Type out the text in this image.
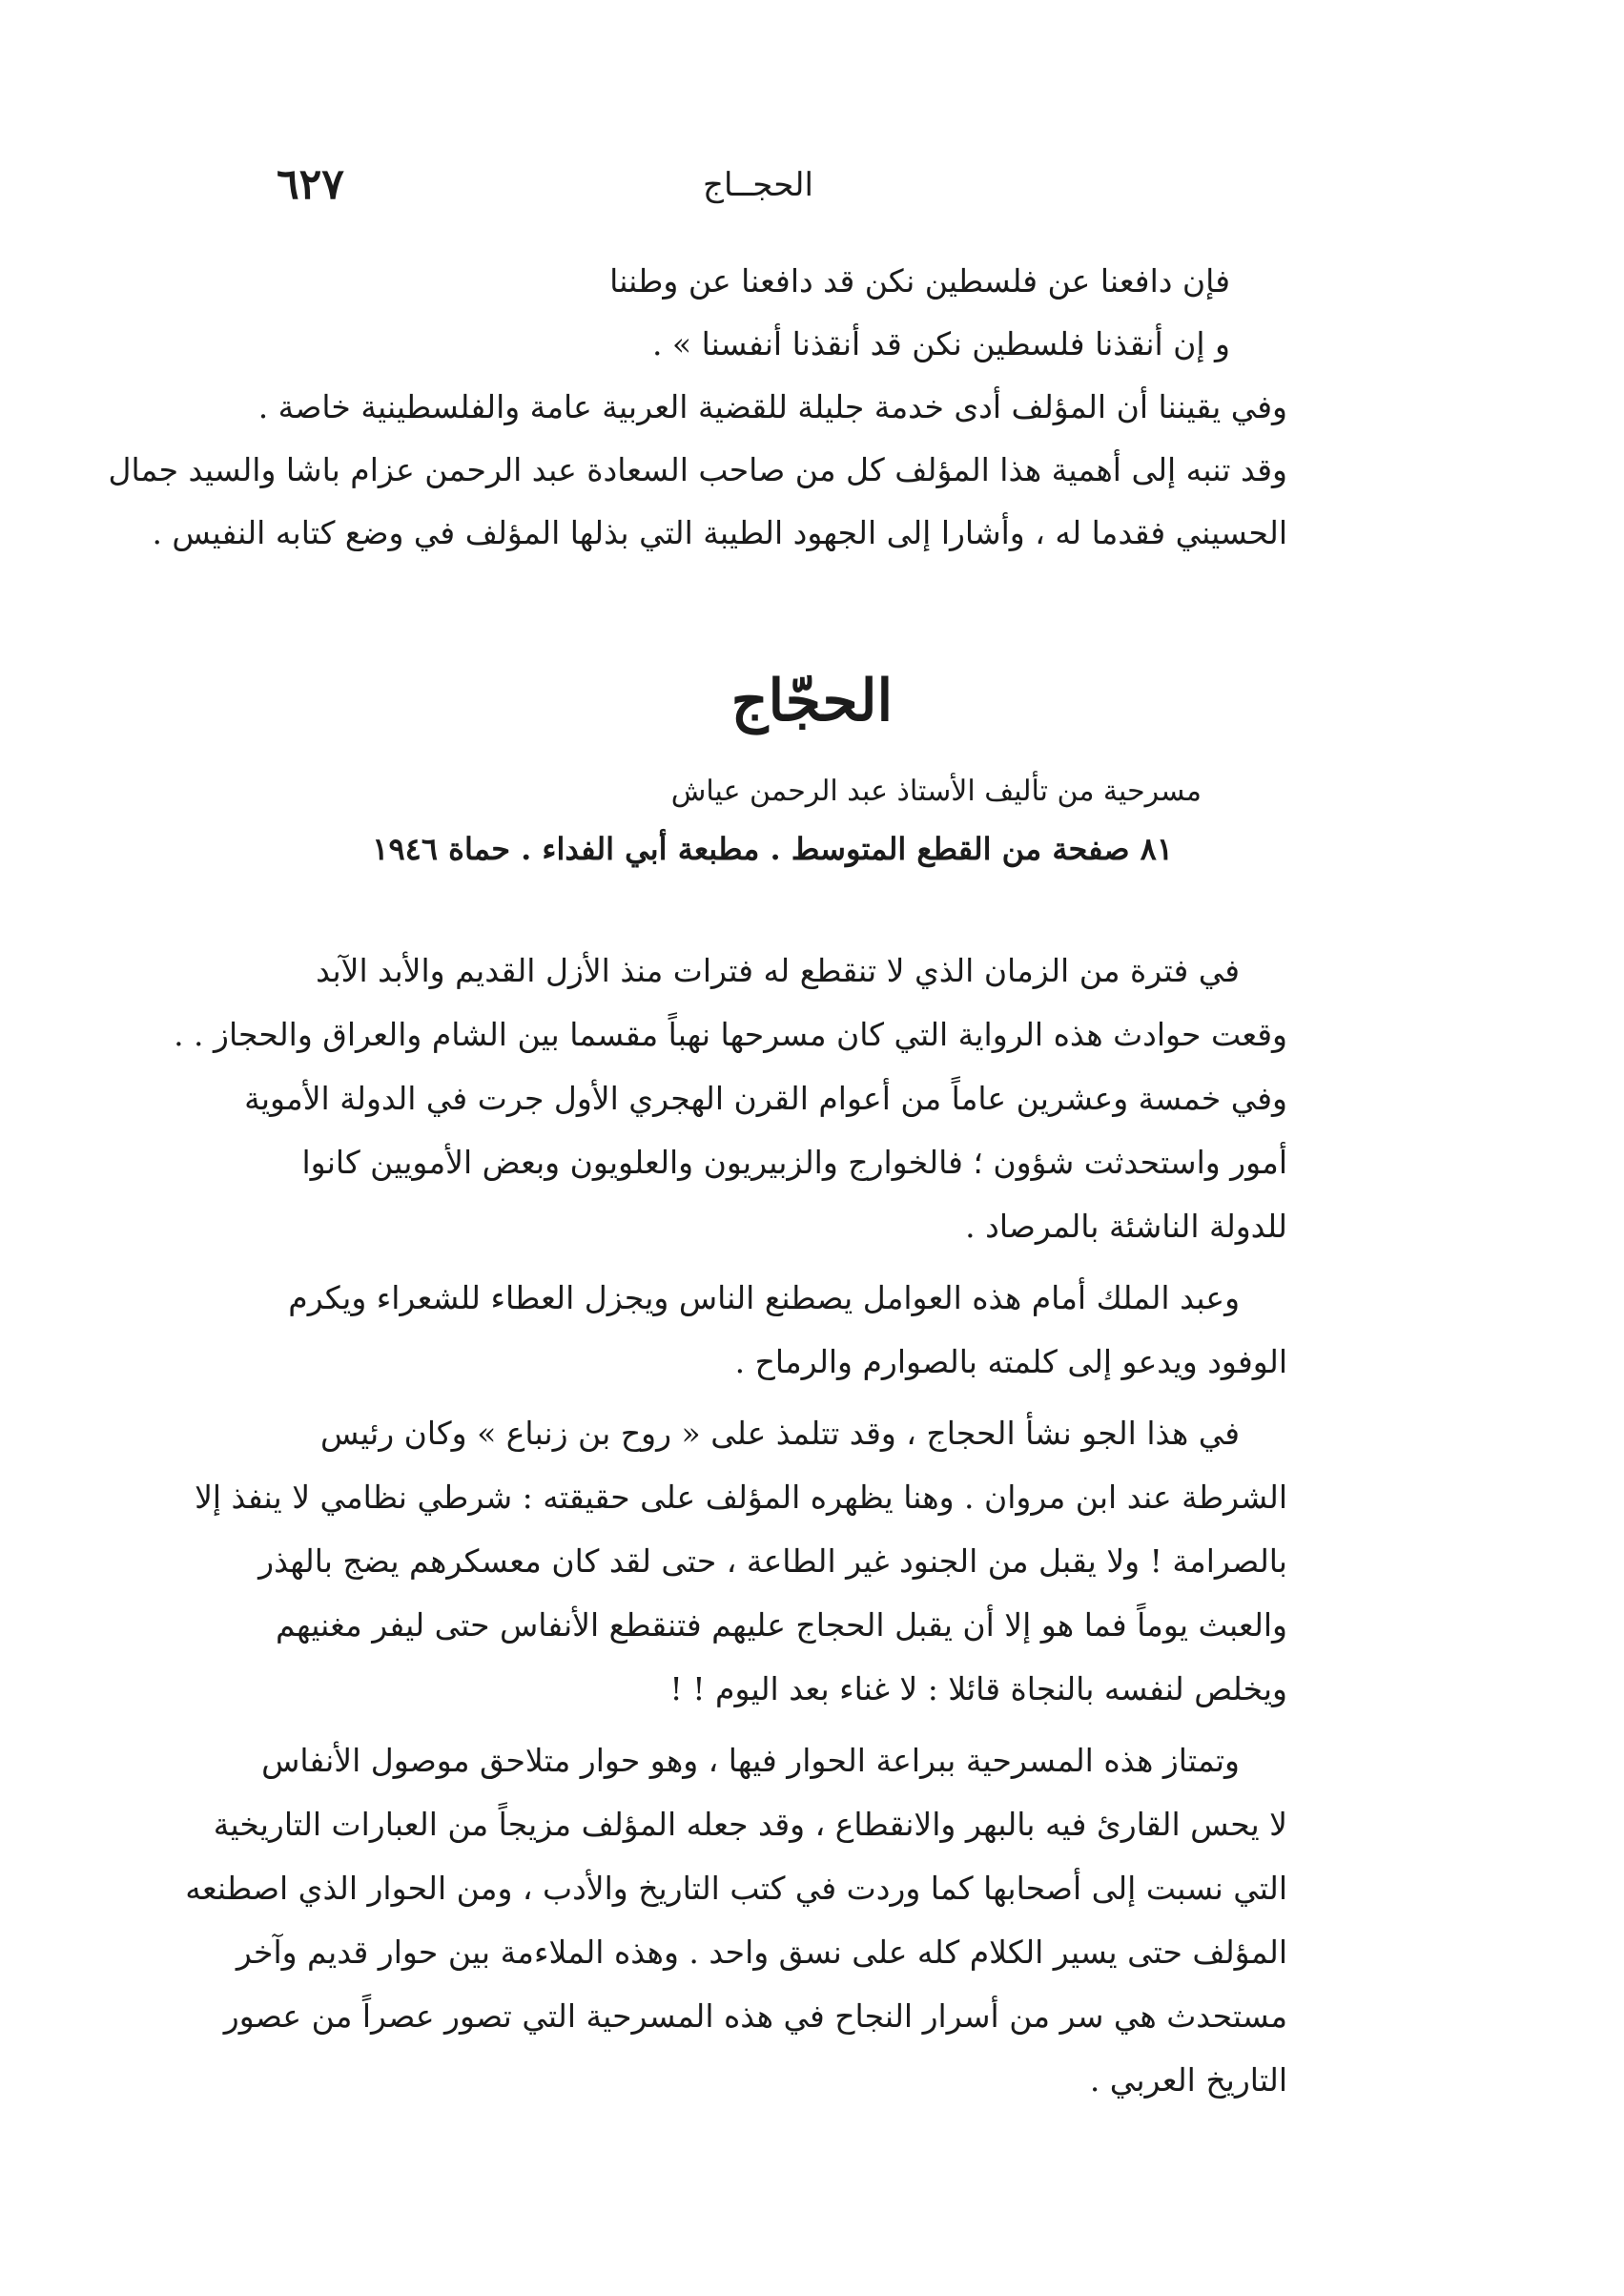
٦٢٧	الحجــاج
فإن دافعنا عن فلسطين نكن قد دافعنا عن وطننا
و إن أنقذنا فلسطين نكن قد أنقذنا أنفسنا » .
وفي يقيننا أن المؤلف أدى خدمة جليلة للقضية العربية عامة والفلسطينية خاصة .
وقد تنبه إلى أهمية هذا المؤلف كل من صاحب السعادة عبد الرحمن عزام باشا والسيد جمال
الحسيني فقدما له ، وأشارا إلى الجهود الطيبة التي بذلها المؤلف في وضع كتابه النفيس .
الحجّاج
مسرحية من تأليف الأستاذ عبد الرحمن عياش
٨١ صفحة من القطع المتوسط . مطبعة أبي الفداء . حماة ١٩٤٦
في فترة من الزمان الذي لا تنقطع له فترات منذ الأزل القديم والأبد الآبد
وقعت حوادث هذه الرواية التي كان مسرحها نهباً مقسما بين الشام والعراق والحجاز . .
وفي خمسة وعشرين عاماً من أعوام القرن الهجري الأول جرت في الدولة الأموية
أمور واستحدثت شؤون ؛ فالخوارج والزبيريون والعلويون وبعض الأمويين كانوا
للدولة الناشئة بالمرصاد .
وعبد الملك أمام هذه العوامل يصطنع الناس ويجزل العطاء للشعراء ويكرم
الوفود ويدعو إلى كلمته بالصوارم والرماح .
في هذا الجو نشأ الحجاج ، وقد تتلمذ على « روح بن زنباع » وكان رئيس
الشرطة عند ابن مروان . وهنا يظهره المؤلف على حقيقته : شرطي نظامي لا ينفذ إلا
بالصرامة ! ولا يقبل من الجنود غير الطاعة ، حتى لقد كان معسكرهم يضج بالهذر
والعبث يوماً فما هو إلا أن يقبل الحجاج عليهم فتنقطع الأنفاس حتى ليفر مغنيهم
ويخلص لنفسه بالنجاة قائلا : لا غناء بعد اليوم ! !
وتمتاز هذه المسرحية ببراعة الحوار فيها ، وهو حوار متلاحق موصول الأنفاس
لا يحس القارئ فيه بالبهر والانقطاع ، وقد جعله المؤلف مزيجاً من العبارات التاريخية
التي نسبت إلى أصحابها كما وردت في كتب التاريخ والأدب ، ومن الحوار الذي اصطنعه
المؤلف حتى يسير الكلام كله على نسق واحد . وهذه الملاءمة بين حوار قديم وآخر
مستحدث هي سر من أسرار النجاح في هذه المسرحية التي تصور عصراً من عصور
التاريخ العربي .
